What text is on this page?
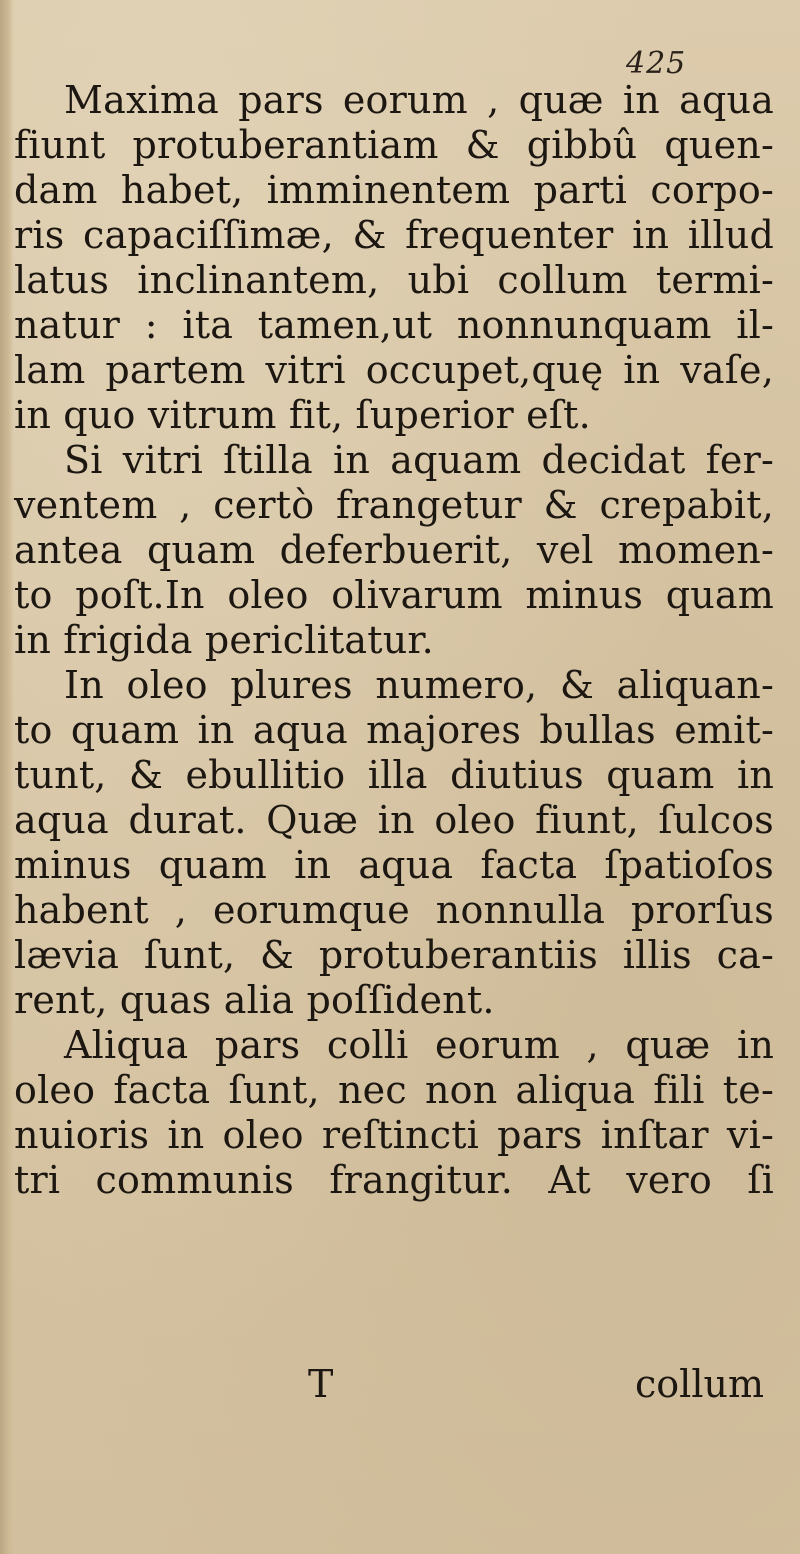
425
Maxima pars eorum , quæ in aqua
fiunt protuberantiam & gibbû quen-
dam habet, imminentem parti corpo-
ris capaciſſimæ, & frequenter in illud
latus inclinantem, ubi collum termi-
natur : ita tamen,ut nonnunquam il-
lam partem vitri occupet,quę in vaſe,
in quo vitrum fit, ſuperior eſt.
Si vitri ſtilla in aquam decidat fer-
ventem , certò frangetur & crepabit,
antea quam deferbuerit, vel momen-
to poſt.In oleo olivarum minus quam
in frigida periclitatur.
In oleo plures numero, & aliquan-
to quam in aqua majores bullas emit-
tunt, & ebullitio illa diutius quam in
aqua durat. Quæ in oleo fiunt, ſulcos
minus quam in aqua facta ſpatioſos
habent , eorumque nonnulla prorſus
lævia ſunt, & protuberantiis illis ca-
rent, quas alia poſſident.
Aliqua pars colli eorum , quæ in
oleo facta ſunt, nec non aliqua fili te-
nuioris in oleo reſtincti pars inſtar vi-
tri communis frangitur. At vero ſi
T	collum
